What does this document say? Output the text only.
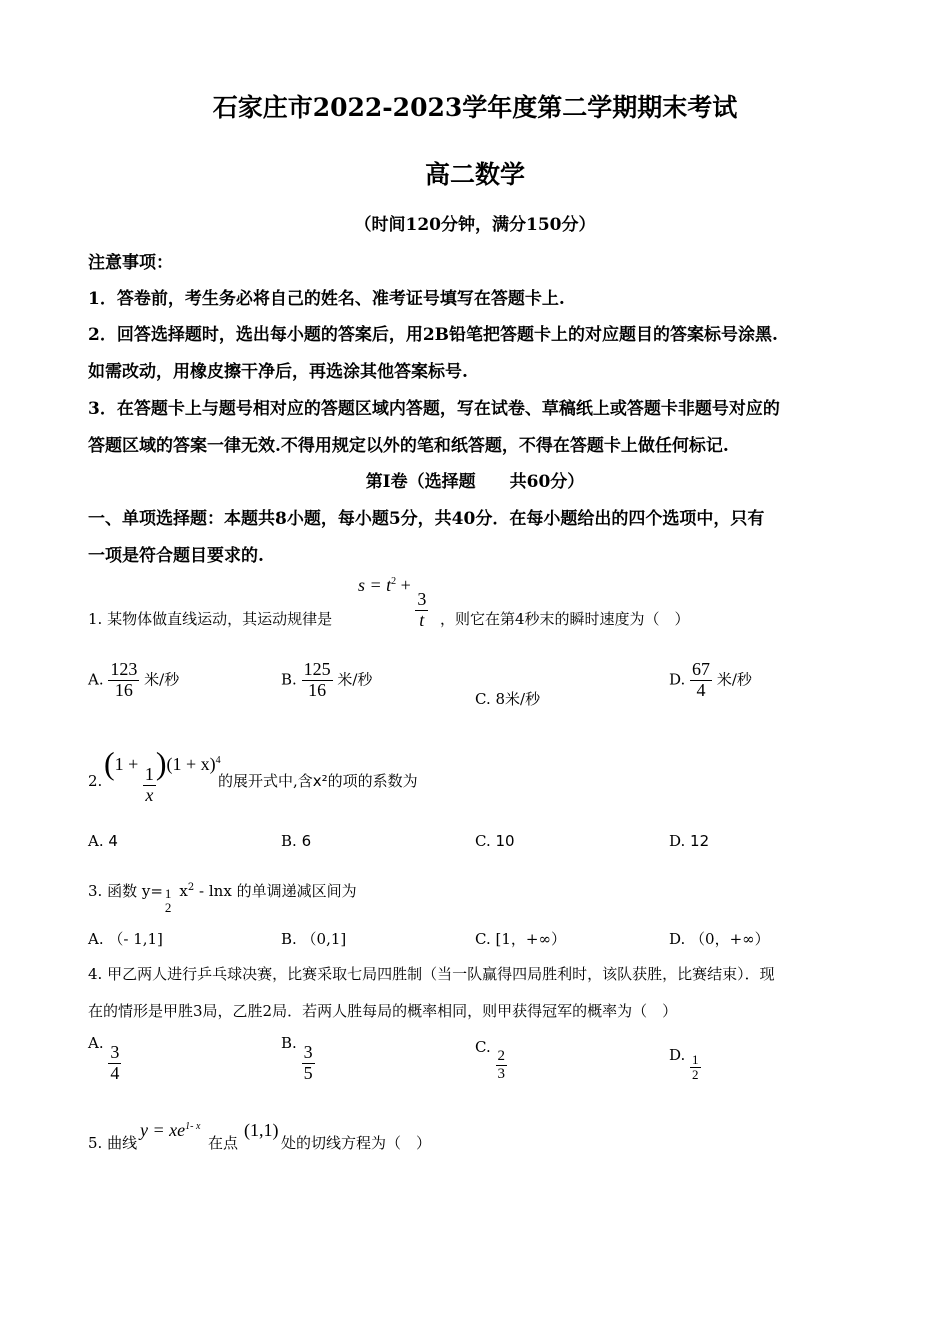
石家庄市2022-2023学年度第二学期期末考试
高二数学
（时间120分钟，满分150分）
注意事项：
1．答卷前，考生务必将自己的姓名、准考证号填写在答题卡上.
2．回答选择题时，选出每小题的答案后，用2B铅笔把答题卡上的对应题目的答案标号涂黑.
如需改动，用橡皮擦干净后，再选涂其他答案标号.
3．在答题卡上与题号相对应的答题区域内答题，写在试卷、草稿纸上或答题卡非题号对应的
答题区域的答案一律无效.不得用规定以外的笔和纸答题，不得在答题卡上做任何标记.
第Ⅰ卷（选择题　　共60分）
一、单项选择题：本题共8小题，每小题5分，共40分．在每小题给出的四个选项中，只有
一项是符合题目要求的.
1. 某物体做直线运动，其运动规律是
$s = t^2$ +
$\frac{3}{t}$ ，则它在第4秒末的瞬时速度为（　）
A. $\frac{123}{16}$ 米/秒	B. $\frac{125}{16}$ 米/秒
C. 8米/秒
D. $\frac{67}{4}$ 米/秒
2. (1 +
$\frac{1}{x}$
)$(1 + x)^4$
的展开式中,含x²的项的系数为
A. 4	B. 6	C. 10	D. 12
3. 函数 y= 1
2
$x^2$ - lnx 的单调递减区间为
A. （- 1,1]	B. （0,1]	C. [1，+∞）	D. （0，+∞）
4. 甲乙两人进行乒乓球决赛，比赛采取七局四胜制（当一队赢得四局胜利时，该队获胜，比赛结束）．现
在的情形是甲胜3局，乙胜2局．若两人胜每局的概率相同，则甲获得冠军的概率为（　）
A. $\frac{3}{4}$	B. $\frac{3}{5}$	C.
$\frac{2}{3}$	D. $\frac{1}{2}$
5. 曲线
$y = xe^{1- x}$
在点
(1,1)
处的切线方程为（　）
